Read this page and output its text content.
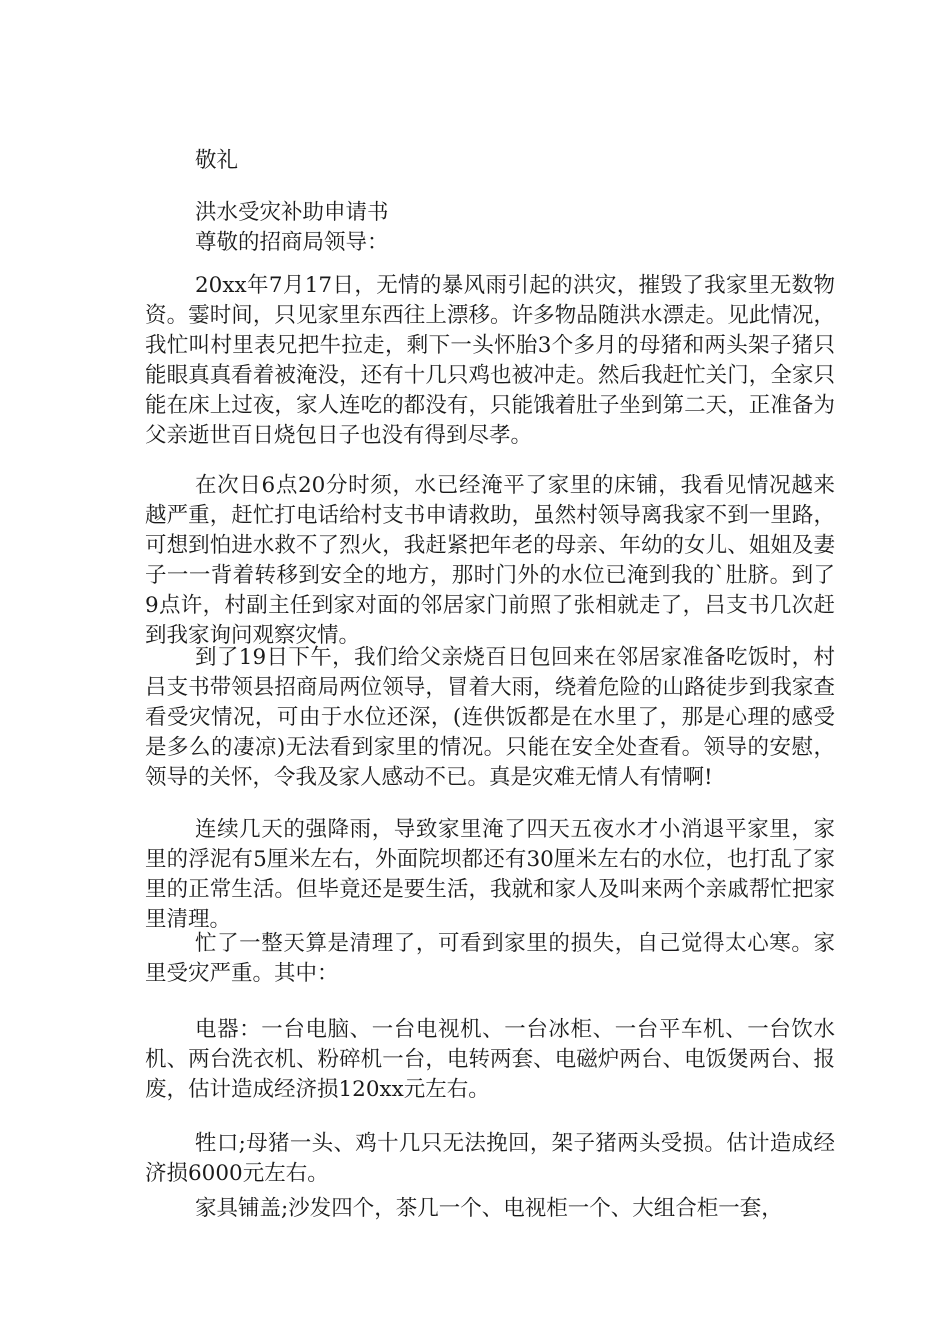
敬礼
洪水受灾补助申请书
尊敬的招商局领导：

20xx年7月17日，无情的暴风雨引起的洪灾，摧毁了我家里无数物资。霎时间，只见家里东西往上漂移。许多物品随洪水漂走。见此情况，我忙叫村里表兄把牛拉走，剩下一头怀胎3个多月的母猪和两头架子猪只能眼真真看着被淹没，还有十几只鸡也被冲走。然后我赶忙关门，全家只能在床上过夜，家人连吃的都没有，只能饿着肚子坐到第二天，正准备为父亲逝世百日烧包日子也没有得到尽孝。

在次日6点20分时须，水已经淹平了家里的床铺，我看见情况越来越严重，赶忙打电话给村支书申请救助，虽然村领导离我家不到一里路，可想到怕进水救不了烈火，我赶紧把年老的母亲、年幼的女儿、姐姐及妻子一一背着转移到安全的地方，那时门外的水位已淹到我的`肚脐。到了9点许，村副主任到家对面的邻居家门前照了张相就走了，吕支书几次赶到我家询问观察灾情。

到了19日下午，我们给父亲烧百日包回来在邻居家准备吃饭时，村吕支书带领县招商局两位领导，冒着大雨，绕着危险的山路徒步到我家查看受灾情况，可由于水位还深，(连供饭都是在水里了，那是心理的感受是多么的凄凉)无法看到家里的情况。只能在安全处查看。领导的安慰，领导的关怀，令我及家人感动不已。真是灾难无情人有情啊!

连续几天的强降雨，导致家里淹了四天五夜水才小消退平家里，家里的浮泥有5厘米左右，外面院坝都还有30厘米左右的水位，也打乱了家里的正常生活。但毕竟还是要生活，我就和家人及叫来两个亲戚帮忙把家里清理。

忙了一整天算是清理了，可看到家里的损失，自己觉得太心寒。家里受灾严重。其中：

电器：一台电脑、一台电视机、一台冰柜、一台平车机、一台饮水机、两台洗衣机、粉碎机一台，电转两套、电磁炉两台、电饭煲两台、报废，估计造成经济损120xx元左右。

牲口;母猪一头、鸡十几只无法挽回，架子猪两头受损。估计造成经济损6000元左右。

家具铺盖;沙发四个，茶几一个、电视柜一个、大组合柜一套，
